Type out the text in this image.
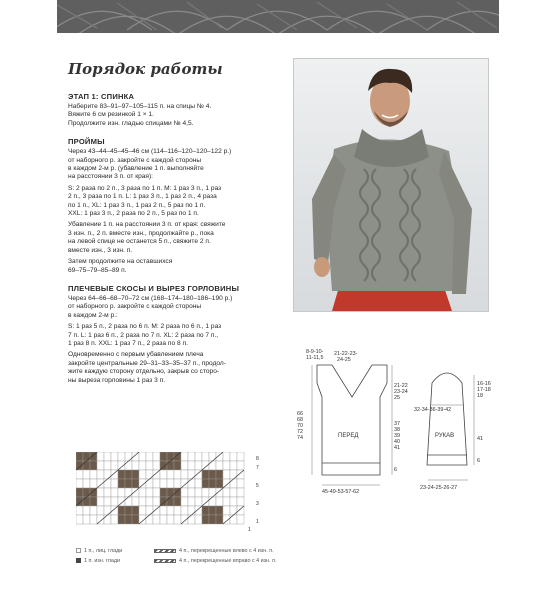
Порядок работы
ЭТАП 1: СПИНКА
Наберите 83–91–97–105–115 п. на спицы № 4.
Вяжите 6 см резинкой 1 × 1.
Продолжите изн. гладью спицами № 4,5.
ПРОЙМЫ
Через 43–44–45–45–46 см (114–116–120–120–122 р.)
от наборного р. закройте с каждой стороны
в каждом 2-м р. (убавление 1 п. выполняйте
на расстоянии 3 п. от края):
S: 2 раза по 2 п., 3 раза по 1 п. M: 1 раз 3 п., 1 раз
2 п., 3 раза по 1 п. L: 1 раз 3 п., 1 раз 2 п., 4 раза
по 1 п., XL: 1 раз 3 п., 1 раз 2 п., 5 раз по 1 п.
XXL: 1 раз 3 п., 2 раза по 2 п., 5 раз по 1 п.
Убавление 1 п. на расстоянии 3 п. от края: свяжите
3 изн. п., 2 п. вместе изн., продолжайте р., пока
на левой спице не останется 5 п., свяжите 2 п.
вместе изн., 3 изн. п.
Затем продолжите на оставшихся
69–75–79–85–89 п.
ПЛЕЧЕВЫЕ СКОСЫ И ВЫРЕЗ ГОРЛОВИНЫ
Через 64–66–68–70–72 см (168–174–180–186–190 р.)
от наборного р. закройте с каждой стороны
в каждом 2-м р.:
S: 1 раз 5 п., 2 раза по 6 п. M: 2 раза по 6 п., 1 раз
7 п. L: 1 раз 6 п., 2 раза по 7 п. XL: 2 раза по 7 п.,
1 раз 8 п. XXL: 1 раз 7 п., 2 раза по 8 п.
Одновременно с первым убавлением плеча
закройте центральные 29–31–33–35–37 п., продол-
жите каждую сторону отдельно, закрыв со сторо-
ны выреза горловины 1 раз 3 п.
8-9-10-
11-11,5
21-22-23-
24-25
ПЕРЕД
21-22
23-24
25
37
38
39
40
41
6
66
68
70
72
74
45-49-53-57-62
РУКАВ
32-34-36-39-42
16-16
17-18
18
41
6
23-24-25-26-27
8
7
5
3
1
1
1 п., лиц. глади
1 п. изн. глади
4 п., перекрещенные влево с 4 изн. п.
4 п., перекрещенные вправо с 4 изн. п.
